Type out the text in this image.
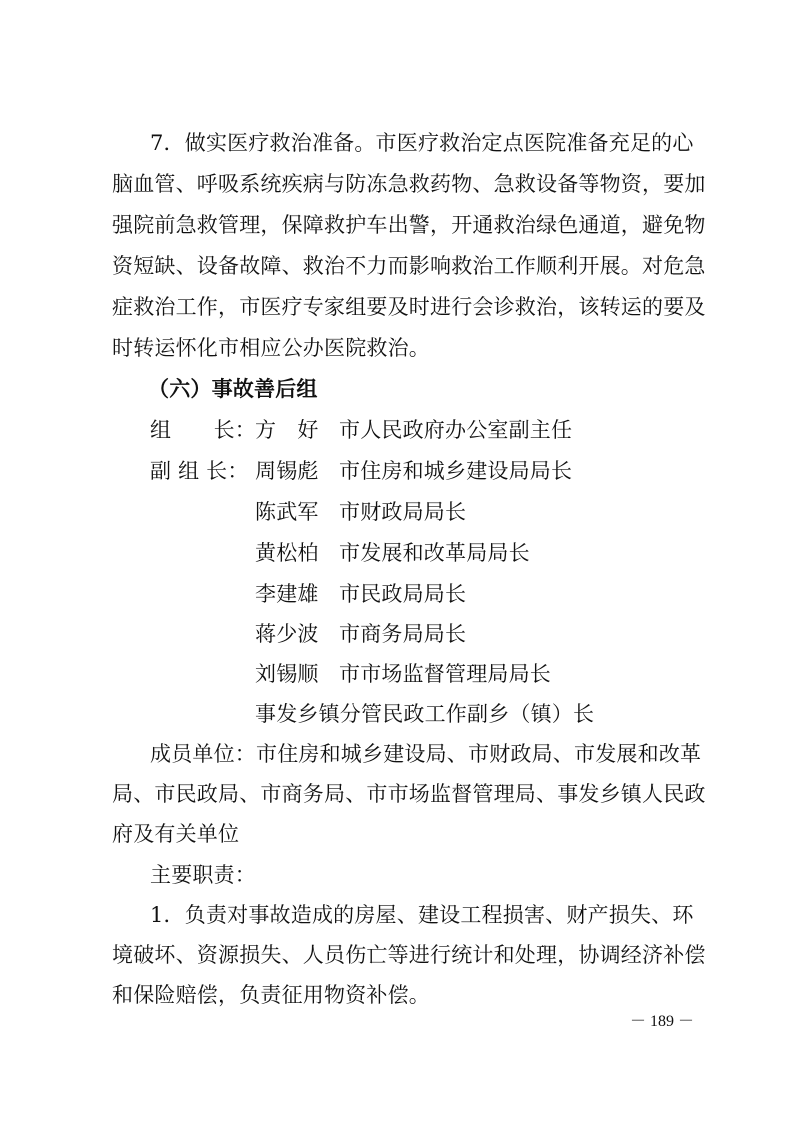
7．做实医疗救治准备。市医疗救治定点医院准备充足的心
脑血管、呼吸系统疾病与防冻急救药物、急救设备等物资，要加
强院前急救管理，保障救护车出警，开通救治绿色通道，避免物
资短缺、设备故障、救治不力而影响救治工作顺利开展。对危急
症救治工作，市医疗专家组要及时进行会诊救治，该转运的要及
时转运怀化市相应公办医院救治。
（六）事故善后组
组　　长： 方　好 市人民政府办公室副主任
副 组 长： 周锡彪 市住房和城乡建设局局长
陈武军 市财政局局长
黄松柏 市发展和改革局局长
李建雄 市民政局局长
蒋少波 市商务局局长
刘锡顺 市市场监督管理局局长
事发乡镇分管民政工作副乡（镇）长
成员单位：市住房和城乡建设局、市财政局、市发展和改革
局、市民政局、市商务局、市市场监督管理局、事发乡镇人民政
府及有关单位
主要职责：
1．负责对事故造成的房屋、建设工程损害、财产损失、环
境破坏、资源损失、人员伤亡等进行统计和处理，协调经济补偿
和保险赔偿，负责征用物资补偿。
－ 189 －
